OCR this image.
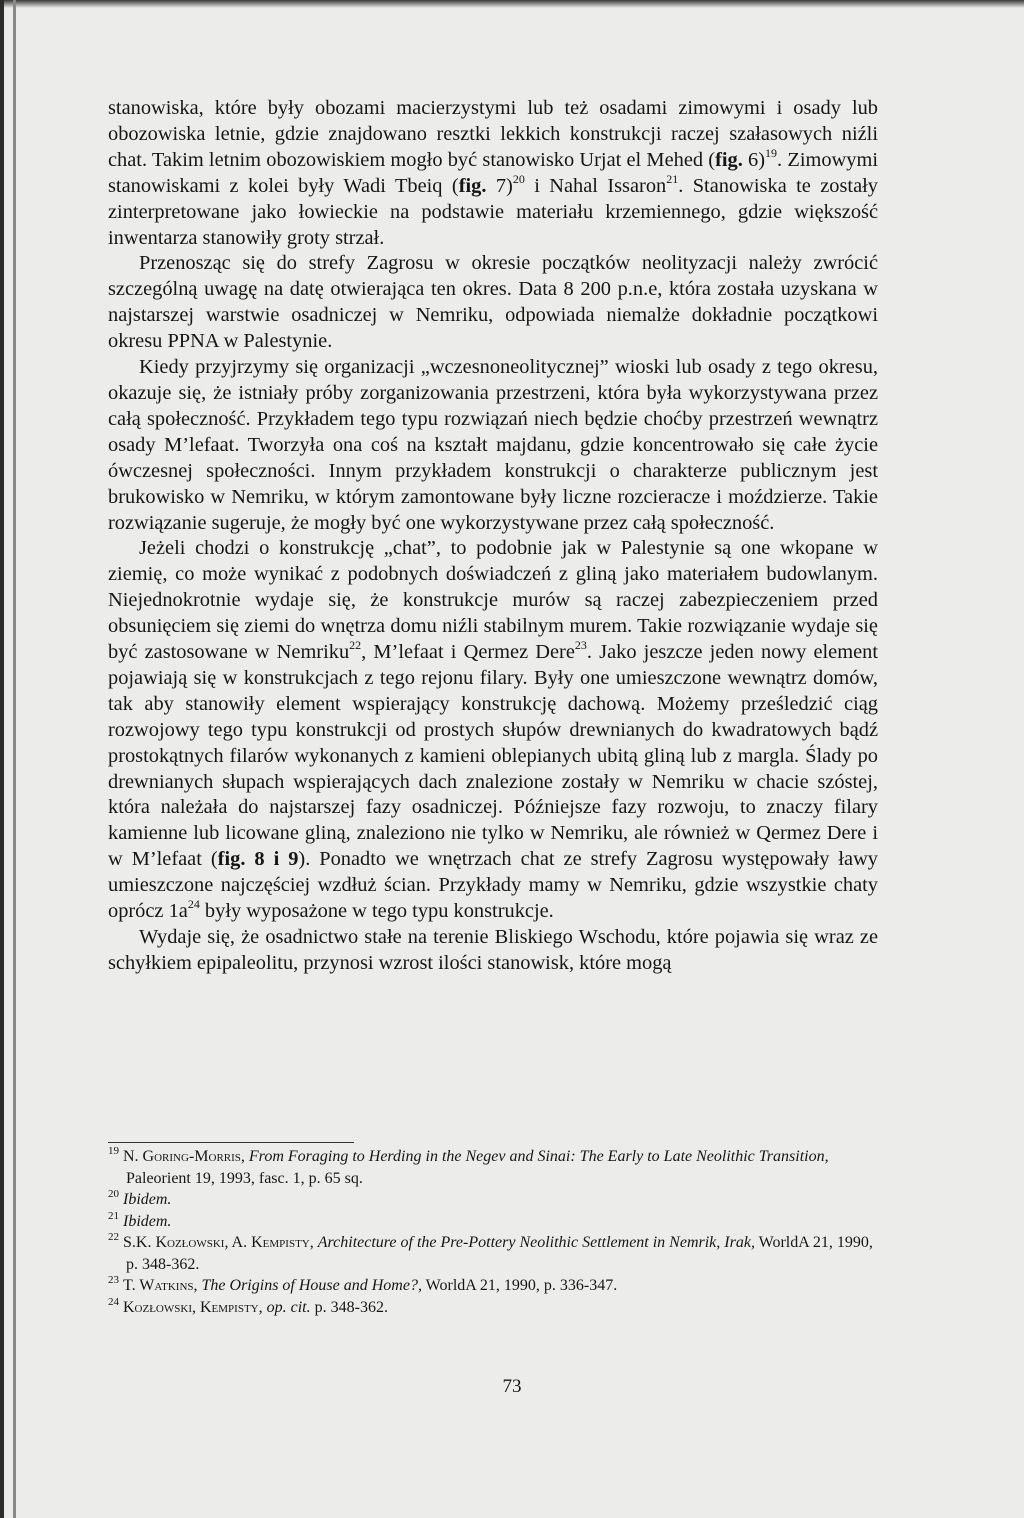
stanowiska, które były obozami macierzystymi lub też osadami zimowymi i osady lub obozowiska letnie, gdzie znajdowano resztki lekkich konstrukcji raczej szałasowych niźli chat. Takim letnim obozowiskiem mogło być stanowisko Urjat el Mehed (fig. 6)$^{19}$. Zimowymi stanowiskami z kolei były Wadi Tbeiq (fig. 7)$^{20}$ i Nahal Issaron$^{21}$. Stanowiska te zostały zinterpretowane jako łowieckie na podstawie materiału krzemiennego, gdzie większość inwentarza stanowiły groty strzał.

Przenosząc się do strefy Zagrosu w okresie początków neolityzacji należy zwrócić szczególną uwagę na datę otwierająca ten okres. Data 8 200 p.n.e, która została uzyskana w najstarszej warstwie osadniczej w Nemriku, odpowiada niemalże dokładnie początkowi okresu PPNA w Palestynie.

Kiedy przyjrzymy się organizacji „wczesnoneolitycznej” wioski lub osady z tego okresu, okazuje się, że istniały próby zorganizowania przestrzeni, która była wykorzystywana przez całą społeczność. Przykładem tego typu rozwiązań niech będzie choćby przestrzeń wewnątrz osady M’lefaat. Tworzyła ona coś na kształt majdanu, gdzie koncentrowało się całe życie ówczesnej społeczności. Innym przykładem konstrukcji o charakterze publicznym jest brukowisko w Nemriku, w którym zamontowane były liczne rozcieracze i moździerze. Takie rozwiązanie sugeruje, że mogły być one wykorzystywane przez całą społeczność.

Jeżeli chodzi o konstrukcję „chat”, to podobnie jak w Palestynie są one wkopane w ziemię, co może wynikać z podobnych doświadczeń z gliną jako materiałem budowlanym. Niejednokrotnie wydaje się, że konstrukcje murów są raczej zabezpieczeniem przed obsunięciem się ziemi do wnętrza domu niźli stabilnym murem. Takie rozwiązanie wydaje się być zastosowane w Nemriku$^{22}$, M’lefaat i Qermez Dere$^{23}$. Jako jeszcze jeden nowy element pojawiają się w konstrukcjach z tego rejonu filary. Były one umieszczone wewnątrz domów, tak aby stanowiły element wspierający konstrukcję dachową. Możemy prześledzić ciąg rozwojowy tego typu konstrukcji od prostych słupów drewnianych do kwadratowych bądź prostokątnych filarów wykonanych z kamieni oblepianych ubitą gliną lub z margla. Ślady po drewnianych słupach wspierających dach znalezione zostały w Nemriku w chacie szóstej, która należała do najstarszej fazy osadniczej. Późniejsze fazy rozwoju, to znaczy filary kamienne lub licowane gliną, znaleziono nie tylko w Nemriku, ale również w Qermez Dere i w M’lefaat (fig. 8 i 9). Ponadto we wnętrzach chat ze strefy Zagrosu występowały ławy umieszczone najczęściej wzdłuż ścian. Przykłady mamy w Nemriku, gdzie wszystkie chaty oprócz $1a^{24}$ były wyposażone w tego typu konstrukcje.

Wydaje się, że osadnictwo stałe na terenie Bliskiego Wschodu, które pojawia się wraz ze schyłkiem epipaleolitu, przynosi wzrost ilości stanowisk, które mogą

$^{19}$ N. Goring-Morris, From Foraging to Herding in the Negev and Sinai: The Early to Late Neolithic Transition, Paleorient 19, 1993, fasc. 1, p. 65 sq.
$^{20}$ Ibidem.
$^{21}$ Ibidem.
$^{22}$ S.K. Kozłowski, A. Kempisty, Architecture of the Pre-Pottery Neolithic Settlement in Nemrik, Irak, WorldA 21, 1990, p. 348-362.
$^{23}$ T. Watkins, The Origins of House and Home?, WorldA 21, 1990, p. 336-347.
$^{24}$ Kozłowski, Kempisty, op. cit. p. 348-362.
73
